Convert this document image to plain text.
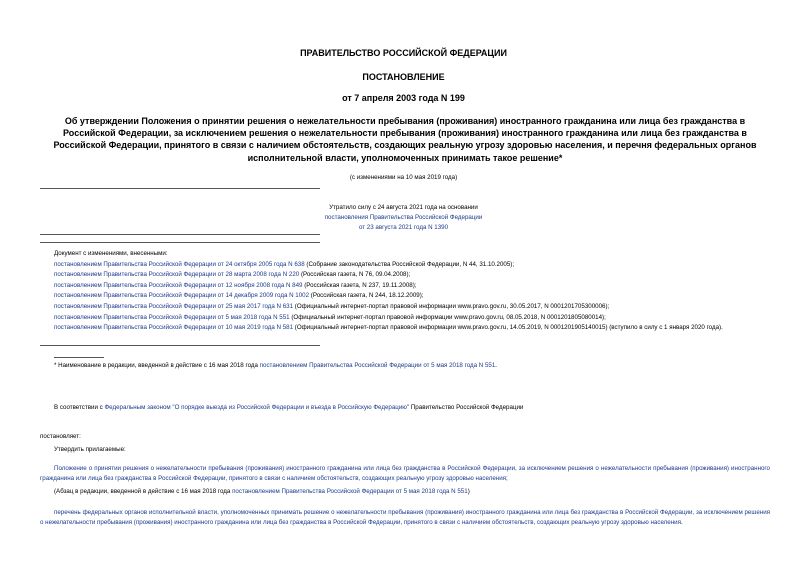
ПРАВИТЕЛЬСТВО РОССИЙСКОЙ ФЕДЕРАЦИИ
ПОСТАНОВЛЕНИЕ
от 7 апреля 2003 года N 199
Об утверждении Положения о принятии решения о нежелательности пребывания (проживания) иностранного гражданина или лица без гражданства в Российской Федерации, за исключением решения о нежелательности пребывания (проживания) иностранного гражданина или лица без гражданства в Российской Федерации, принятого в связи с наличием обстоятельств, создающих реальную угрозу здоровью населения, и перечня федеральных органов исполнительной власти, уполномоченных принимать такое решение*
(с изменениями на 10 мая 2019 года)
Утратило силу с 24 августа 2021 года на основании
постановления Правительства Российской Федерации
от 23 августа 2021 года N 1390
Документ с изменениями, внесенными:
постановлением Правительства Российской Федерации от 24 октября 2005 года N 638 (Собрание законодательства Российской Федерации, N 44, 31.10.2005);
постановлением Правительства Российской Федерации от 28 марта 2008 года N 220 (Российская газета, N 76, 09.04.2008);
постановлением Правительства Российской Федерации от 12 ноября 2008 года N 849 (Российская газета, N 237, 19.11.2008);
постановлением Правительства Российской Федерации от 14 декабря 2009 года N 1002 (Российская газета, N 244, 18.12.2009);
постановлением Правительства Российской Федерации от 25 мая 2017 года N 631 (Официальный интернет-портал правовой информации www.pravo.gov.ru, 30.05.2017, N 0001201705300006);
постановлением Правительства Российской Федерации от 5 мая 2018 года N 551 (Официальный интернет-портал правовой информации www.pravo.gov.ru, 08.05.2018, N 0001201805080014);
постановлением Правительства Российской Федерации от 10 мая 2019 года N 581 (Официальный интернет-портал правовой информации www.pravo.gov.ru, 14.05.2019, N 0001201905140015) (вступило в силу с 1 января 2020 года).
* Наименование в редакции, введенной в действие с 16 мая 2018 года постановлением Правительства Российской Федерации от 5 мая 2018 года N 551.
В соответствии с Федеральным законом "О порядке выезда из Российской Федерации и въезда в Российскую Федерацию" Правительство Российской Федерации
постановляет:
Утвердить прилагаемые:
Положение о принятии решения о нежелательности пребывания (проживания) иностранного гражданина или лица без гражданства в Российской Федерации, за исключением решения о нежелательности пребывания (проживания) иностранного гражданина или лица без гражданства в Российской Федерации, принятого в связи с наличием обстоятельств, создающих реальную угрозу здоровью населения;
(Абзац в редакции, введенной в действие с 16 мая 2018 года постановлением Правительства Российской Федерации от 5 мая 2018 года N 551)
перечень федеральных органов исполнительной власти, уполномоченных принимать решение о нежелательности пребывания (проживания) иностранного гражданина или лица без гражданства в Российской Федерации, за исключением решения о нежелательности пребывания (проживания) иностранного гражданина или лица без гражданства в Российской Федерации, принятого в связи с наличием обстоятельств, создающих реальную угрозу здоровью населения.
